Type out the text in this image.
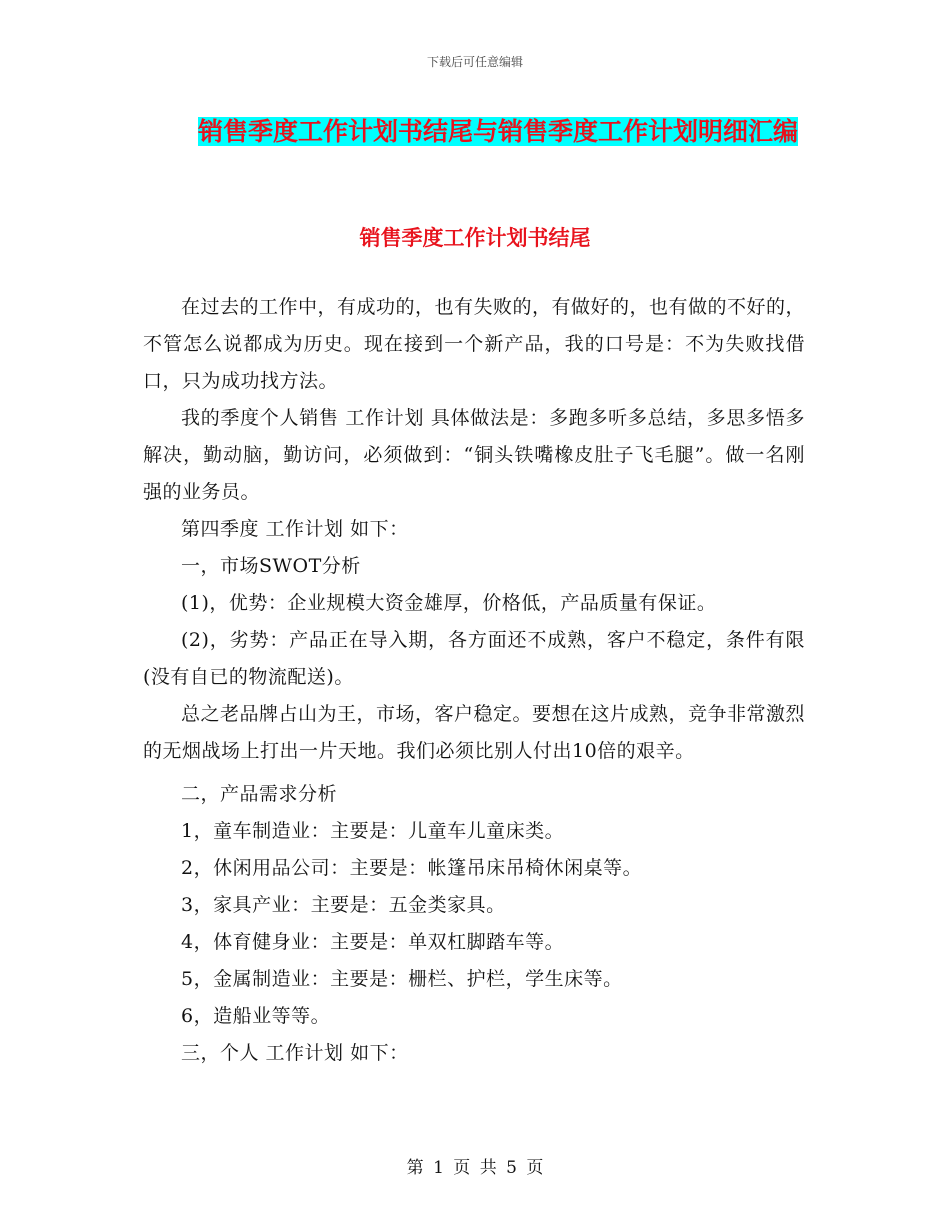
下载后可任意编辑
销售季度工作计划书结尾与销售季度工作计划明细汇编
销售季度工作计划书结尾

在过去的工作中，有成功的，也有失败的，有做好的，也有做的不好的，不管怎么说都成为历史。现在接到一个新产品，我的口号是：不为失败找借口，只为成功找方法。

我的季度个人销售 工作计划 具体做法是：多跑多听多总结，多思多悟多解决，勤动脑，勤访问，必须做到：“铜头铁嘴橡皮肚子飞毛腿”。做一名刚强的业务员。

第四季度 工作计划 如下：

一，市场SWOT分析

(1)，优势：企业规模大资金雄厚，价格低，产品质量有保证。

(2)，劣势：产品正在导入期，各方面还不成熟，客户不稳定，条件有限(没有自已的物流配送)。

总之老品牌占山为王，市场，客户稳定。要想在这片成熟，竞争非常激烈的无烟战场上打出一片天地。我们必须比别人付出10倍的艰辛。

二，产品需求分析

1，童车制造业：主要是：儿童车儿童床类。

2，休闲用品公司：主要是：帐篷吊床吊椅休闲桌等。

3，家具产业：主要是：五金类家具。

4，体育健身业：主要是：单双杠脚踏车等。

5，金属制造业：主要是：栅栏、护栏，学生床等。

6，造船业等等。

三，个人 工作计划 如下：

第 1 页 共 5 页
